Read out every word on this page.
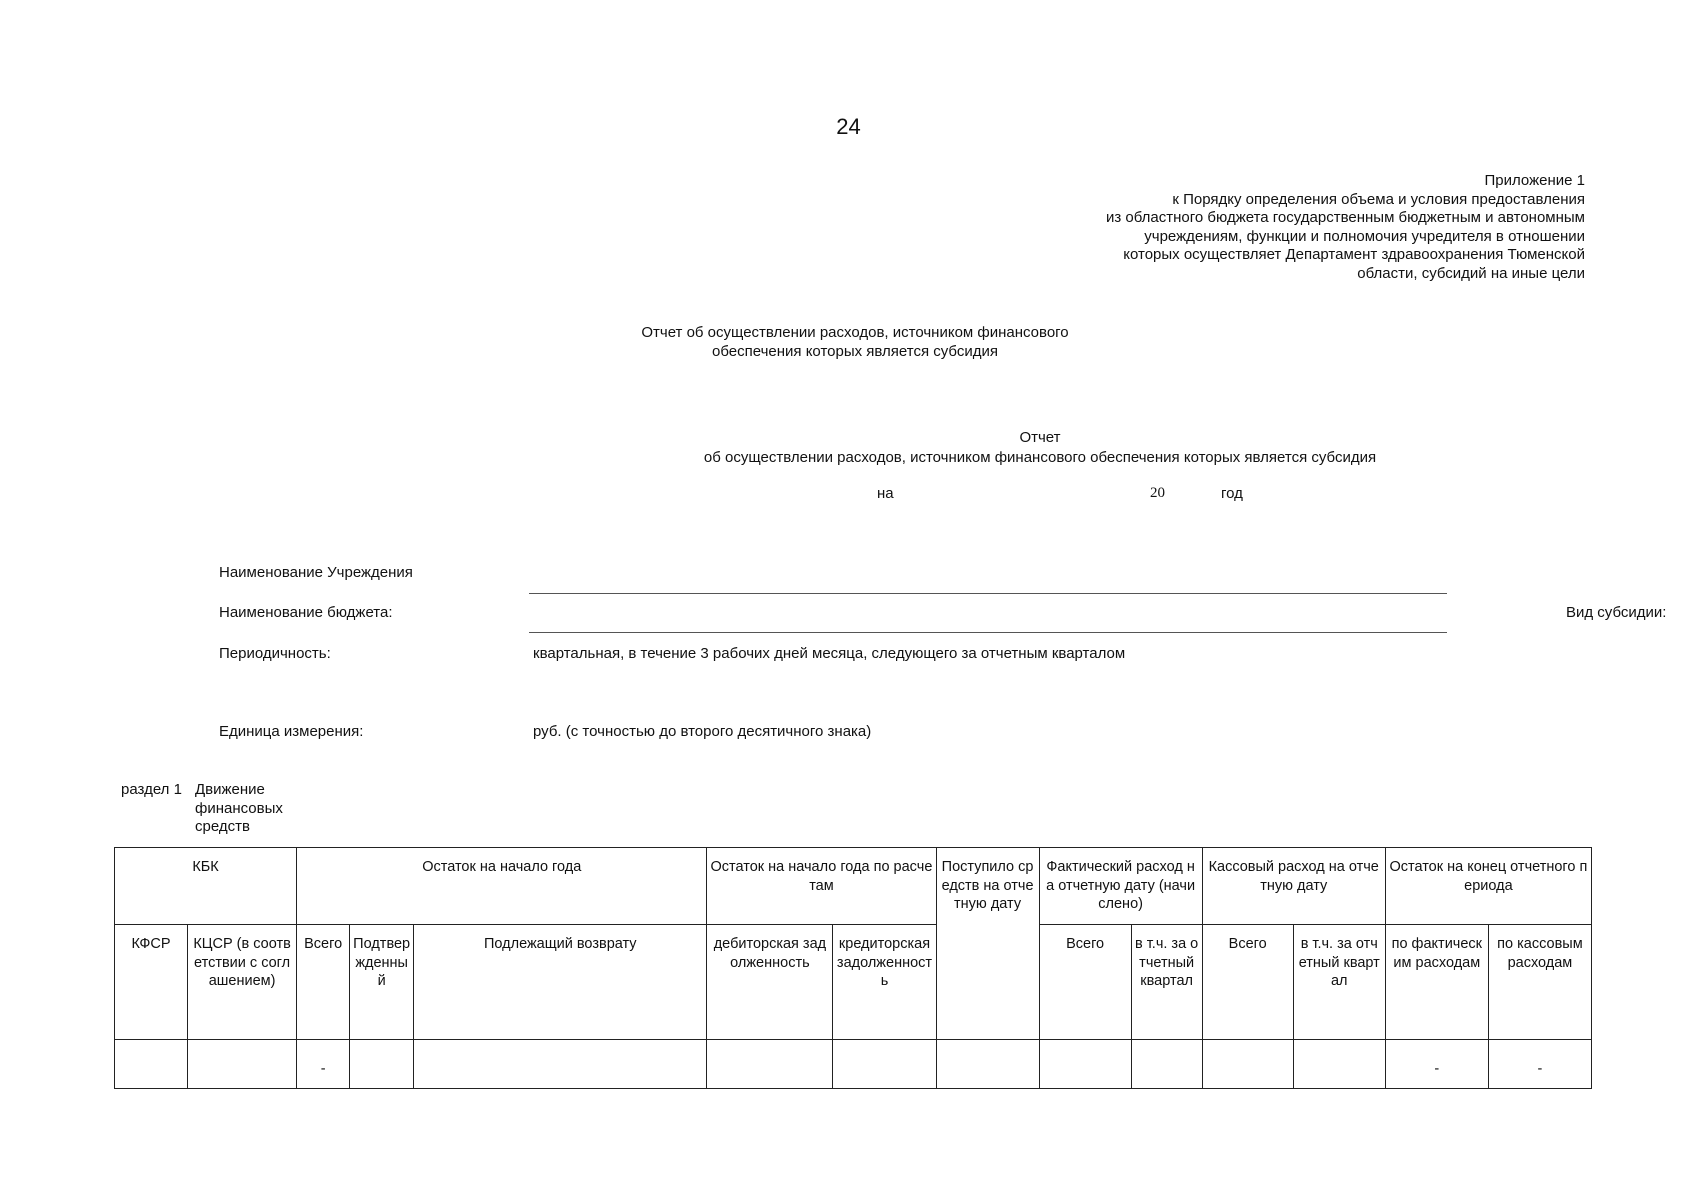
24
Приложение 1
к Порядку определения объема и условия предоставления
из областного бюджета государственным бюджетным и автономным
учреждениям, функции и полномочия учредителя в отношении
которых осуществляет Департамент здравоохранения Тюменской
области, субсидий на иные цели
Отчет об осуществлении расходов, источником финансового
обеспечения которых является субсидия
Отчет
об осуществлении расходов, источником финансового обеспечения которых является субсидия
на	20	год
Наименование Учреждения
Наименование бюджета:	Вид субсидии:
Периодичность:	квартальная, в течение 3 рабочих дней месяца, следующего за отчетным кварталом
Единица измерения:	руб. (с точностью до второго десятичного знака)
раздел 1 Движение финансовых средств
КБК		Остаток на начало года			Остаток на начало года по расчетам		Поступило средств на отчетную дату	Фактический расход на отчетную дату (начислено)		Кассовый расход на отчетную дату		Остаток на конец отчетного периода	
КФСР	КЦСР (в соответствии с соглашением)	Всего	Подтвержденный	Подлежащий возврату	дебиторская задолженность	кредиторская задолженность		Всего	в т.ч. за отчетный квартал	Всего	в т.ч. за отчетный квартал	по фактическим расходам	по кассовым расходам
		-										-	-
